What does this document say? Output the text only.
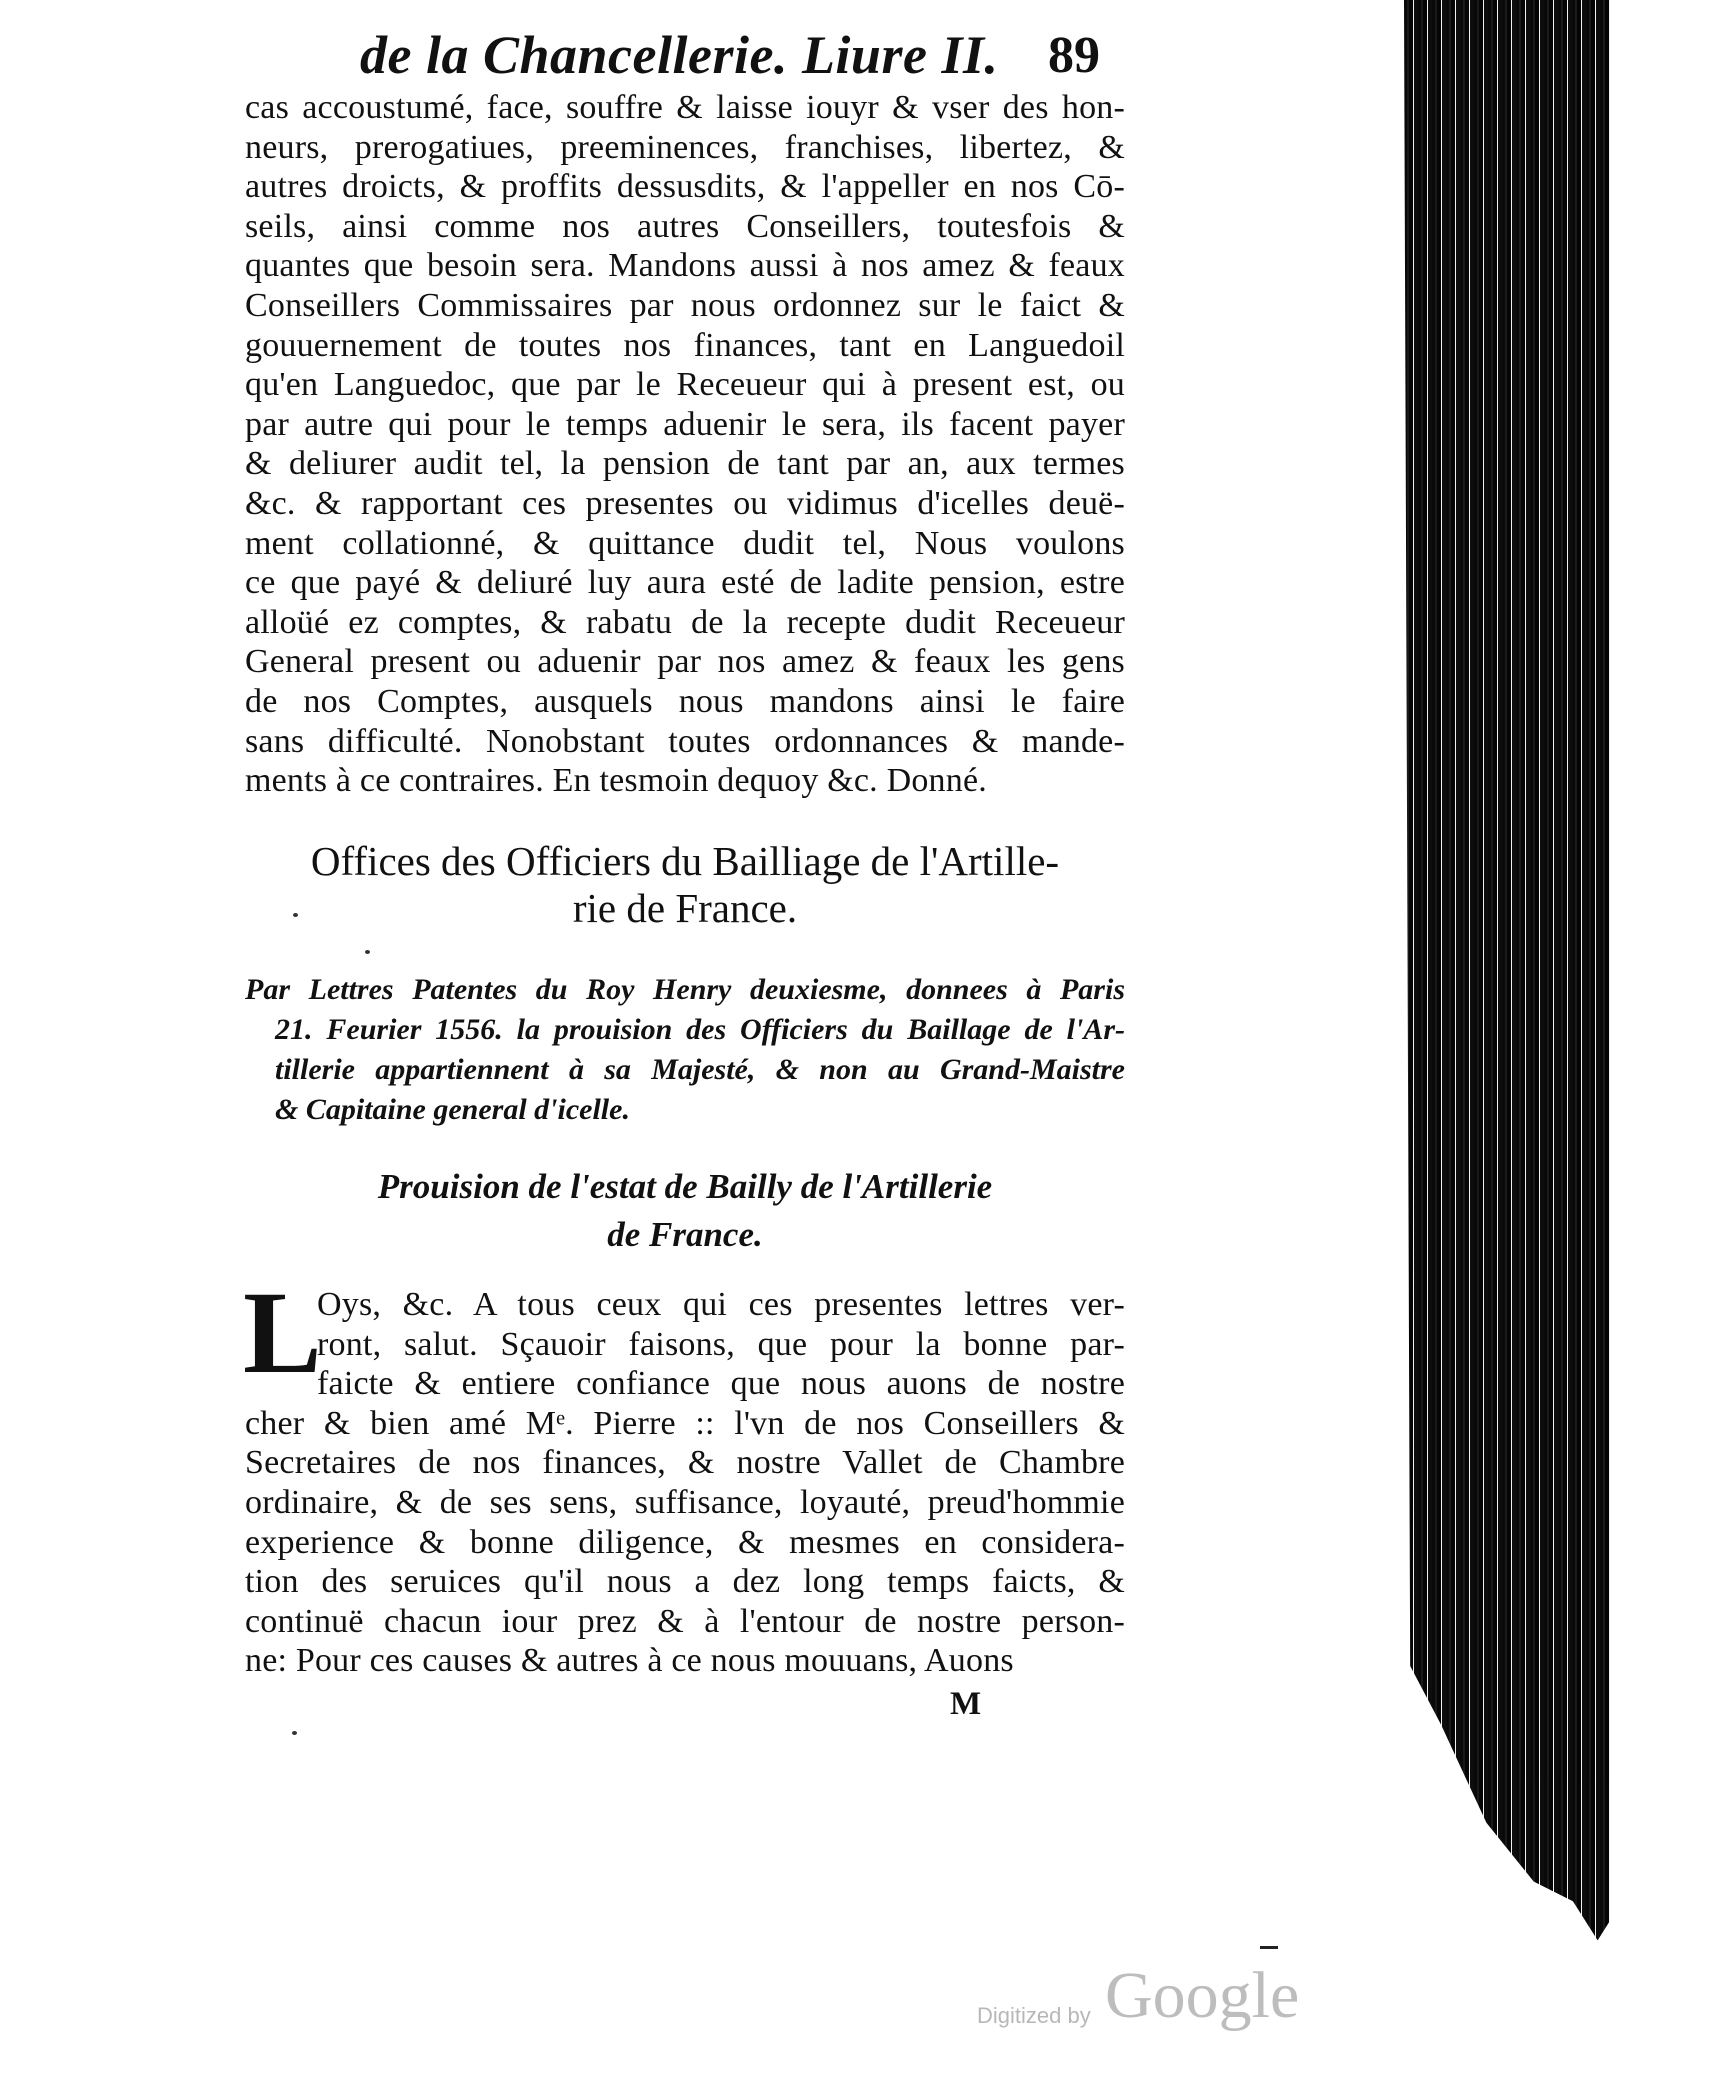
de la Chancellerie. Liure II. 89
cas accoustumé, face, souffre & laisse iouyr & vser des hon-
neurs, prerogatiues, preeminences, franchises, libertez, &
autres droicts, & proffits dessusdits, & l'appeller en nos Cō-
seils, ainsi comme nos autres Conseillers, toutesfois &
quantes que besoin sera. Mandons aussi à nos amez & feaux
Conseillers Commissaires par nous ordonnez sur le faict &
gouuernement de toutes nos finances, tant en Languedoil
qu'en Languedoc, que par le Receueur qui à present est, ou
par autre qui pour le temps aduenir le sera, ils facent payer
& deliurer audit tel, la pension de tant par an, aux termes
&c. & rapportant ces presentes ou vidimus d'icelles deuë-
ment collationné, & quittance dudit tel, Nous voulons
ce que payé & deliuré luy aura esté de ladite pension, estre
alloüé ez comptes, & rabatu de la recepte dudit Receueur
General present ou aduenir par nos amez & feaux les gens
de nos Comptes, ausquels nous mandons ainsi le faire
sans difficulté. Nonobstant toutes ordonnances & mande-
ments à ce contraires. En tesmoin dequoy &c. Donné.
Offices des Officiers du Bailliage de l'Artille-
rie de France.
Par Lettres Patentes du Roy Henry deuxiesme, donnees à Paris
21. Feurier 1556. la prouision des Officiers du Baillage de l'Ar-
tillerie appartiennent à sa Majesté, & non au Grand-Maistre
& Capitaine general d'icelle.
Prouision de l'estat de Bailly de l'Artillerie
de France.
L
Oys, &c. A tous ceux qui ces presentes lettres ver-
ront, salut. Sçauoir faisons, que pour la bonne par-
faicte & entiere confiance que nous auons de nostre
cher & bien amé Mᵉ. Pierre :: l'vn de nos Conseillers &
Secretaires de nos finances, & nostre Vallet de Chambre
ordinaire, & de ses sens, suffisance, loyauté, preud'hommie
experience & bonne diligence, & mesmes en considera-
tion des seruices qu'il nous a dez long temps faicts, &
continuë chacun iour prez & à l'entour de nostre person-
ne: Pour ces causes & autres à ce nous mouuans, Auons
M
Digitized by Google
